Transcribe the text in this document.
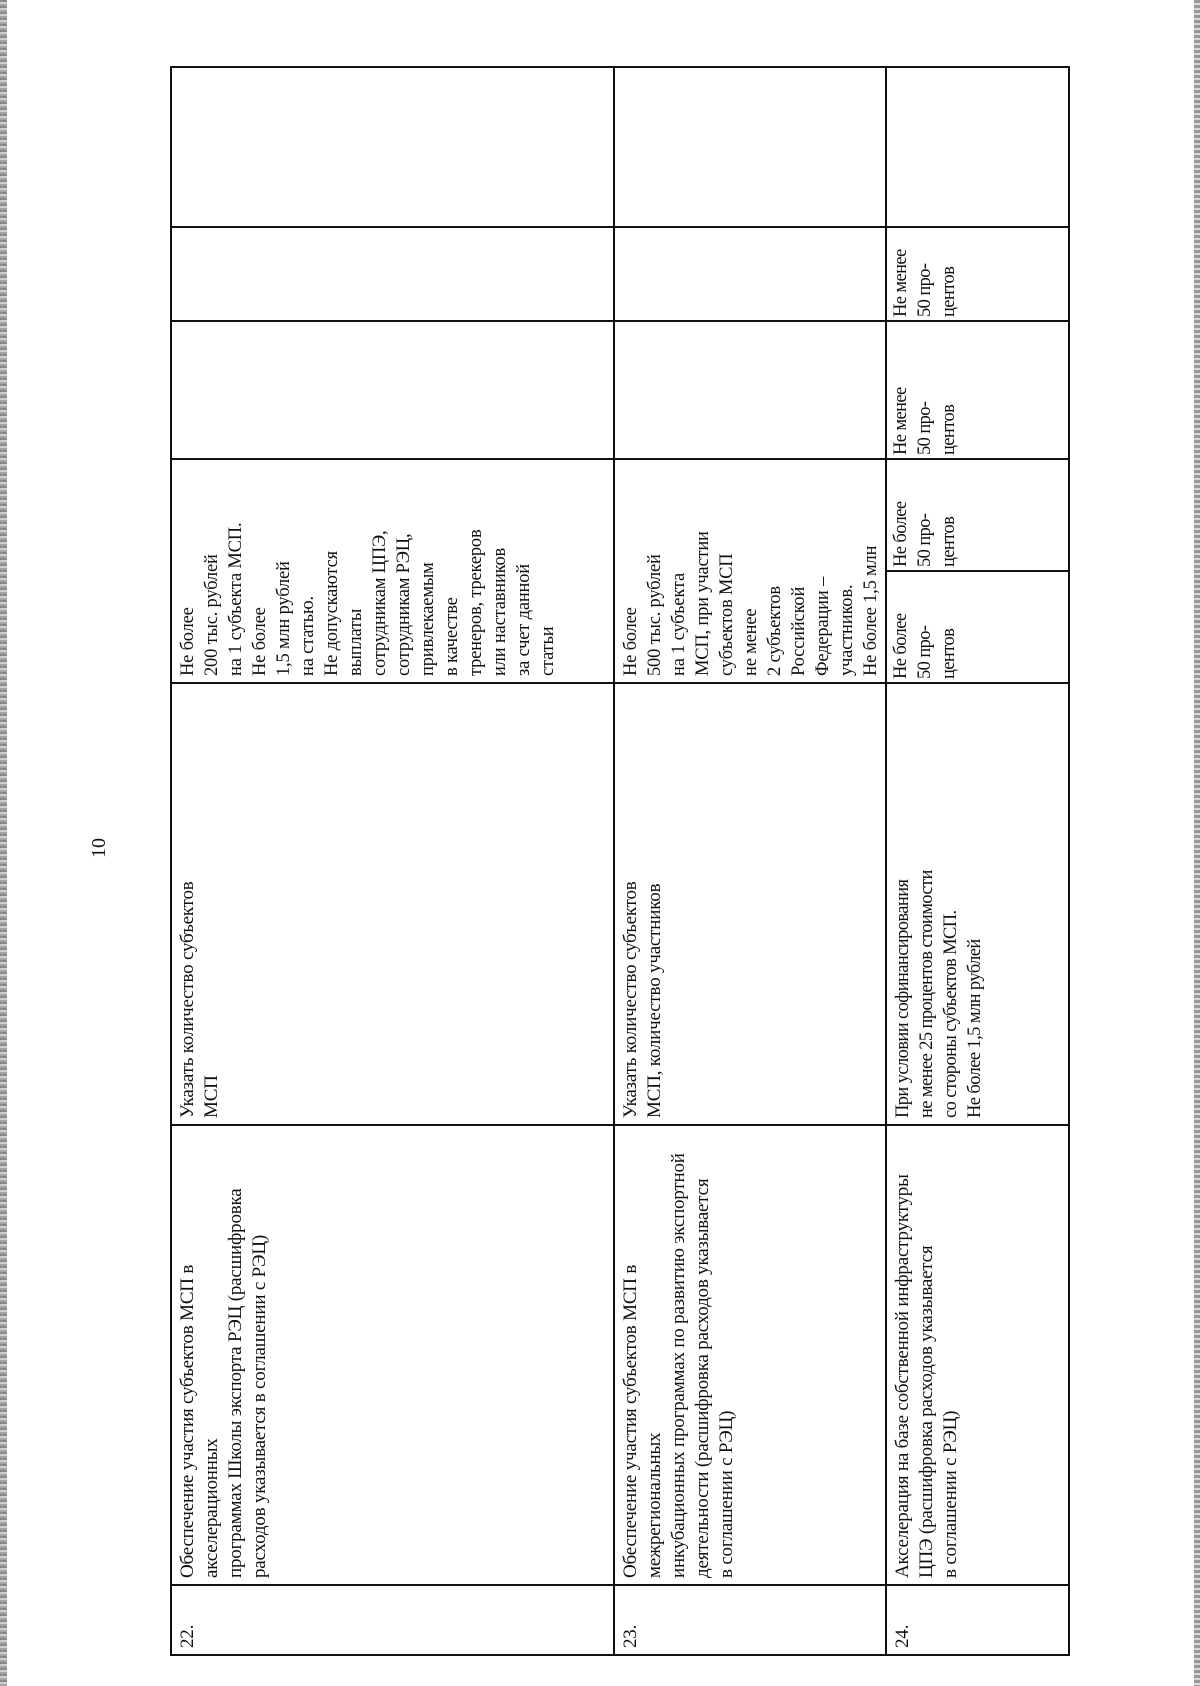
10
22.
Обеспечение участия субъектов МСП в акселерационных
программах Школы экспорта РЭЦ (расшифровка
расходов указывается в соглашении с РЭЦ)
Указать количество субъектов
МСП
Не более
200 тыс. рублей
на 1 субъекта МСП.
Не более
1,5 млн рублей
на статью.
Не допускаются
выплаты
сотрудникам ЦПЭ,
сотрудникам РЭЦ,
привлекаемым
в качестве
тренеров, трекеров
или наставников
за счет данной
статьи
23.
Обеспечение участия субъектов МСП в межрегиональных
инкубационных программах по развитию экспортной
деятельности (расшифровка расходов указывается
в соглашении с РЭЦ)
Указать количество субъектов
МСП, количество участников
Не более
500 тыс. рублей
на 1 субъекта
МСП, при участии
субъектов МСП
не менее
2 субъектов
Российской
Федерации –
участников.
Не более 1,5 млн

24.
Акселерация на базе собственной инфраструктуры
ЦПЭ (расшифровка расходов указывается
в соглашении с РЭЦ)
При условии софинансирования
не менее 25 процентов стоимости
со стороны субъектов МСП.
Не более 1,5 млн рублей
Не более
50 про-
центов
Не более
50 про-
центов
Не менее
50 про-
центов
Не менее
50 про-
центов
